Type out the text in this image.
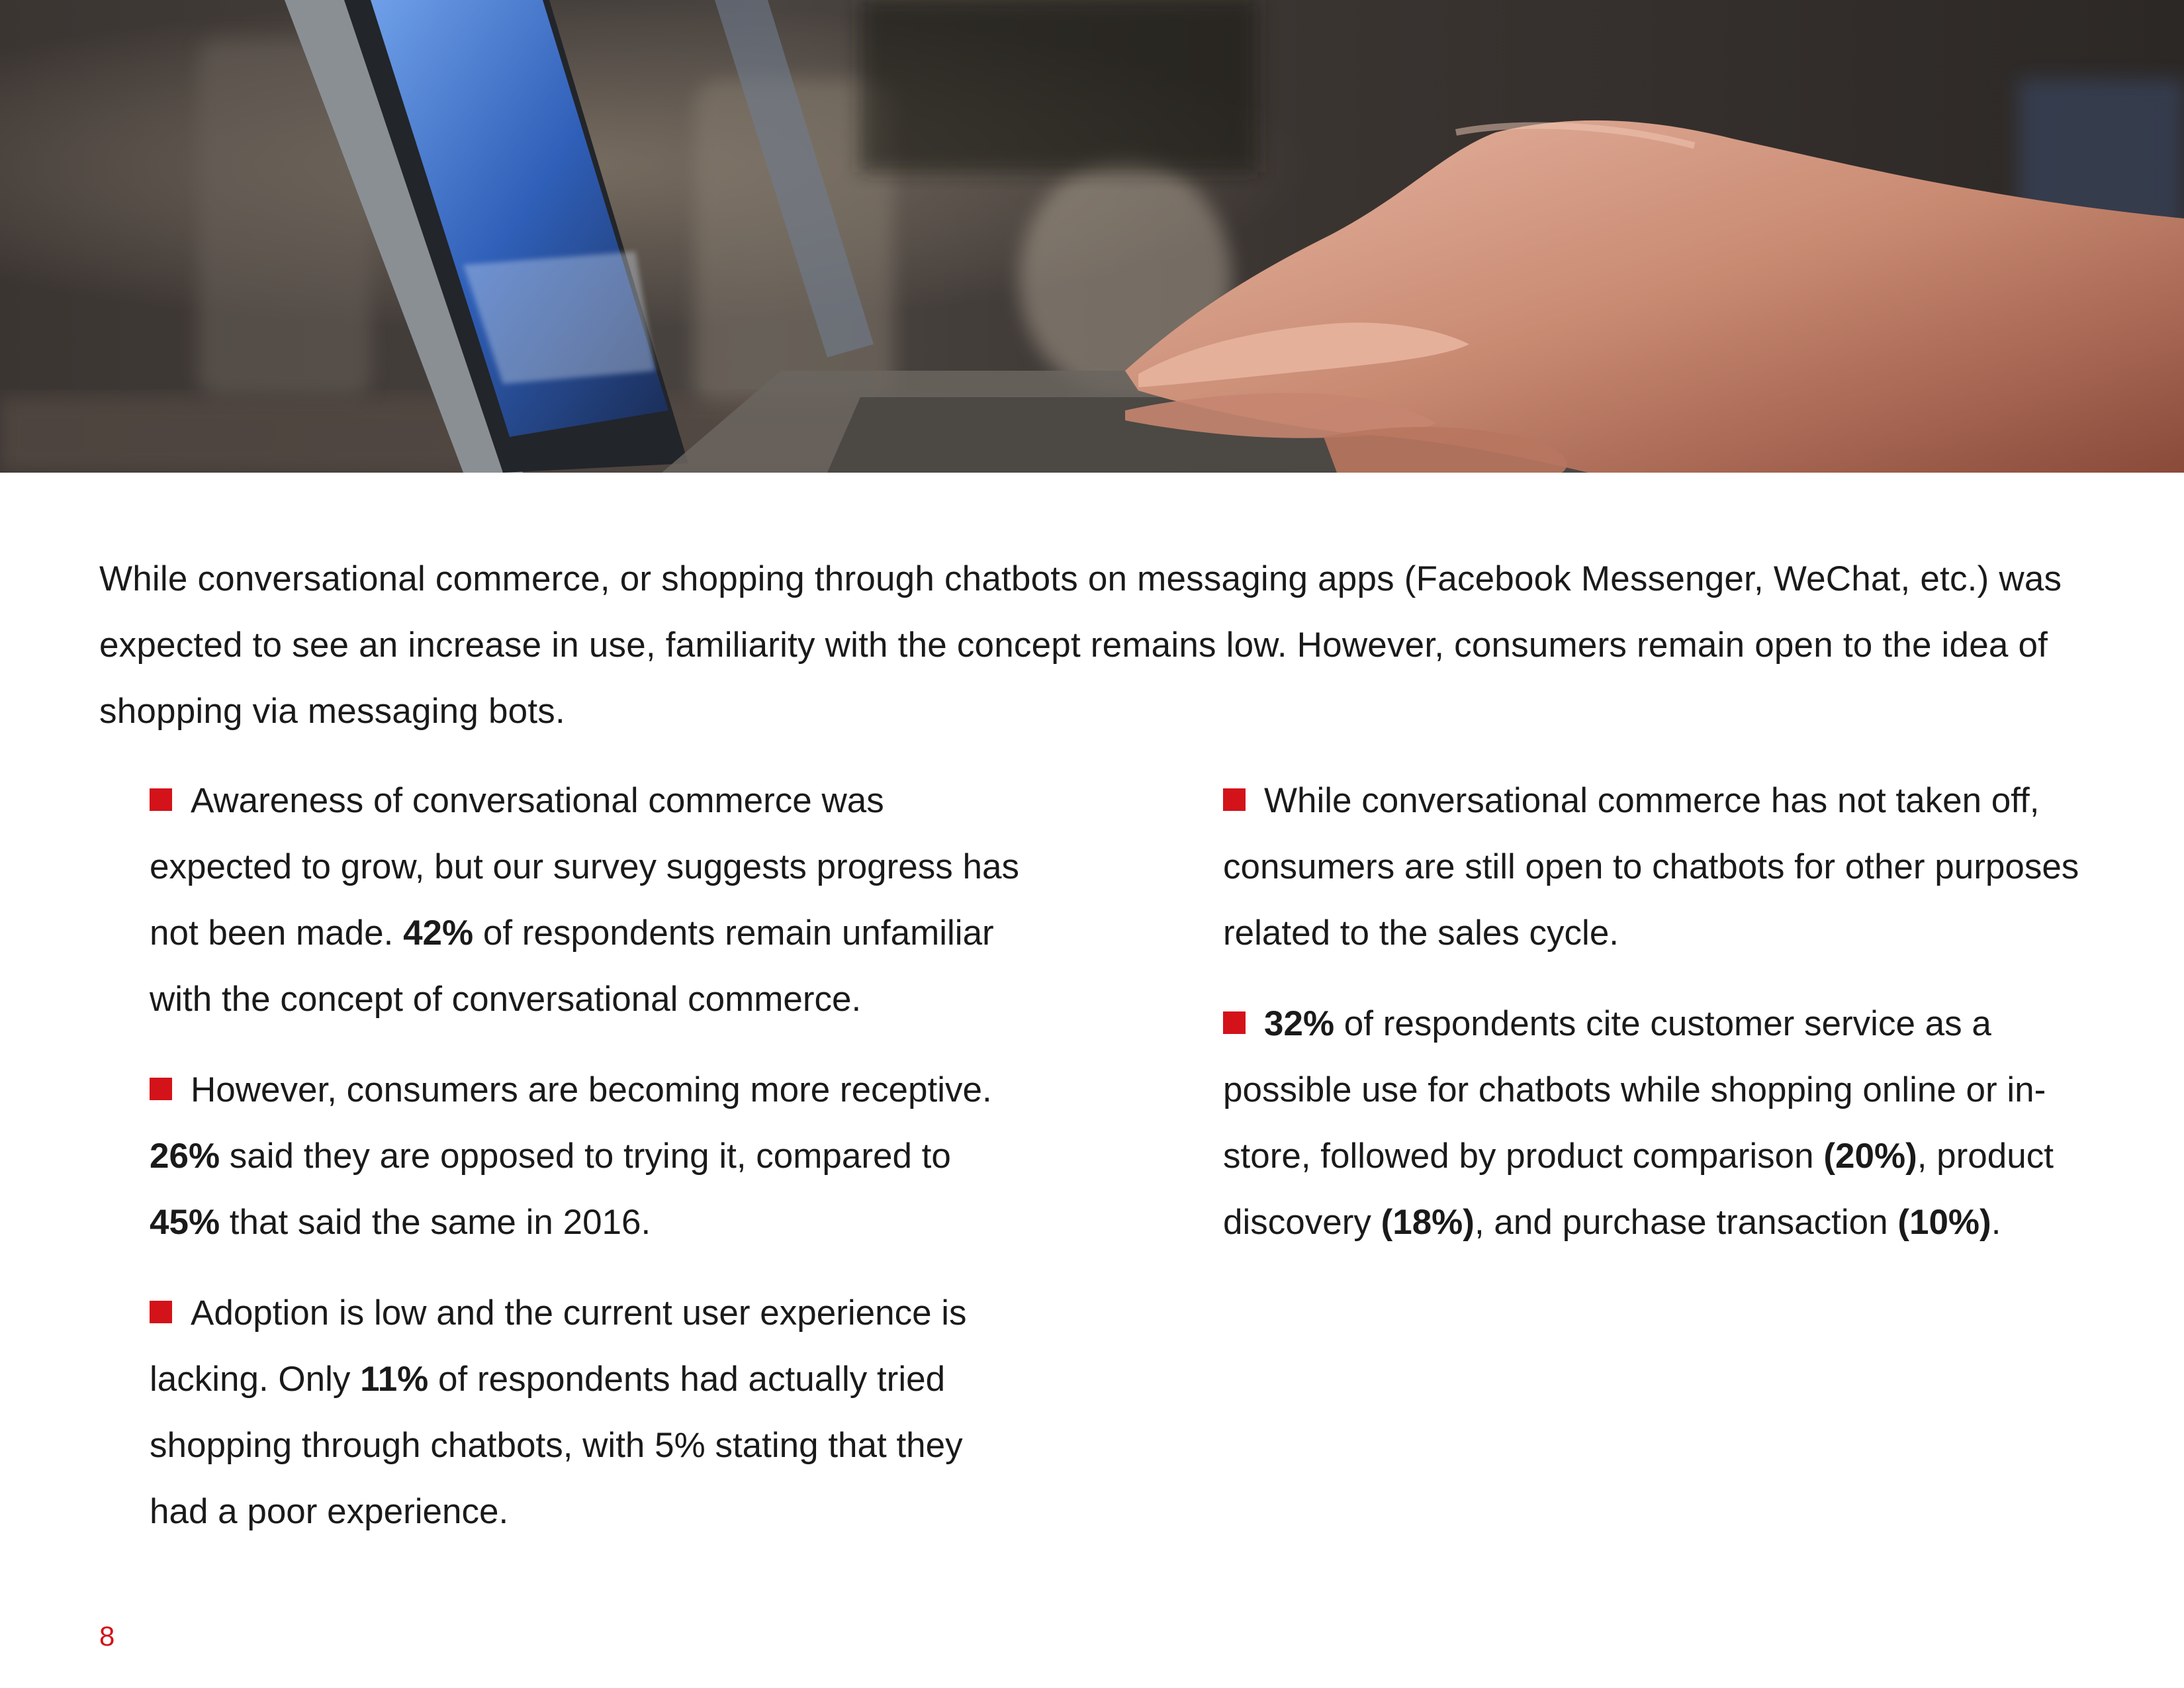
While conversational commerce, or shopping through chatbots on messaging apps (Facebook Messenger, WeChat, etc.) was expected to see an increase in use, familiarity with the concept remains low. However, consumers remain open to the idea of shopping via messaging bots.

Awareness of conversational commerce was expected to grow, but our survey suggests progress has not been made. 42% of respondents remain unfamiliar with the concept of conversational commerce.

However, consumers are becoming more receptive. 26% said they are opposed to trying it, compared to 45% that said the same in 2016.

Adoption is low and the current user experience is lacking. Only 11% of respondents had actually tried shopping through chatbots, with 5% stating that they had a poor experience.

While conversational commerce has not taken off, consumers are still open to chatbots for other purposes related to the sales cycle.

32% of respondents cite customer service as a possible use for chatbots while shopping online or in-store, followed by product comparison (20%), product discovery (18%), and purchase transaction (10%).

8
